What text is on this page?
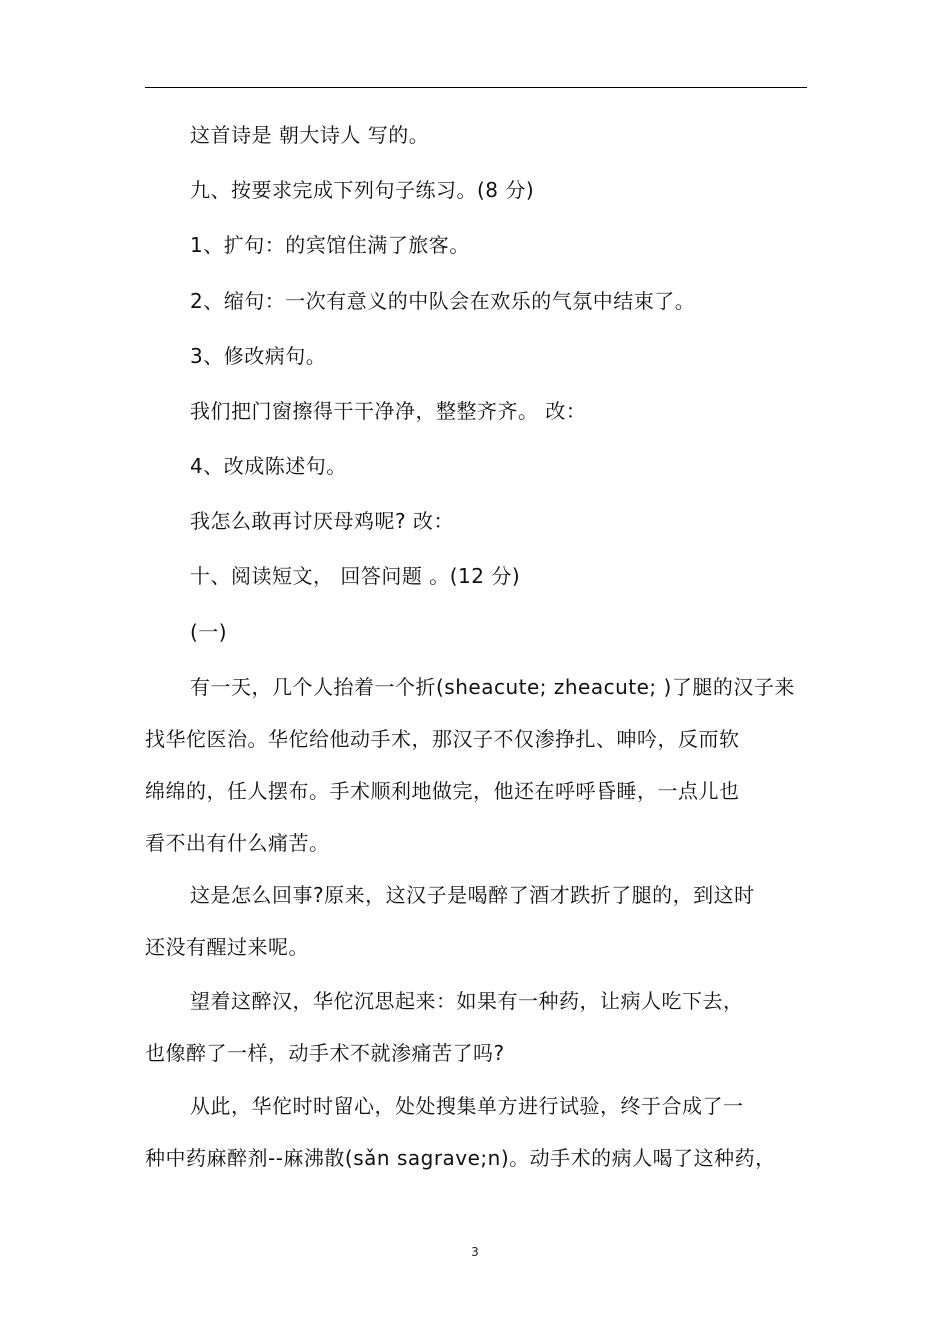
这首诗是 朝大诗人 写的。
九、按要求完成下列句子练习。(8 分)
1、扩句：的宾馆住满了旅客。
2、缩句：一次有意义的中队会在欢乐的气氛中结束了。
3、修改病句。
我们把门窗擦得干干净净，整整齐齐。 改：
4、改成陈述句。
我怎么敢再讨厌母鸡呢? 改：
十、阅读短文， 回答问题 。(12 分)
(一)
有一天，几个人抬着一个折(sheacute; zheacute; )了腿的汉子来
找华佗医治。华佗给他动手术，那汉子不仅渗挣扎、呻吟，反而软
绵绵的，任人摆布。手术顺利地做完，他还在呼呼昏睡，一点儿也
看不出有什么痛苦。
这是怎么回事?原来，这汉子是喝醉了酒才跌折了腿的，到这时
还没有醒过来呢。
望着这醉汉，华佗沉思起来：如果有一种药，让病人吃下去，
也像醉了一样，动手术不就渗痛苦了吗?
从此，华佗时时留心，处处搜集单方进行试验，终于合成了一
种中药麻醉剂--麻沸散(sǎn sagrave;n)。动手术的病人喝了这种药，
3
